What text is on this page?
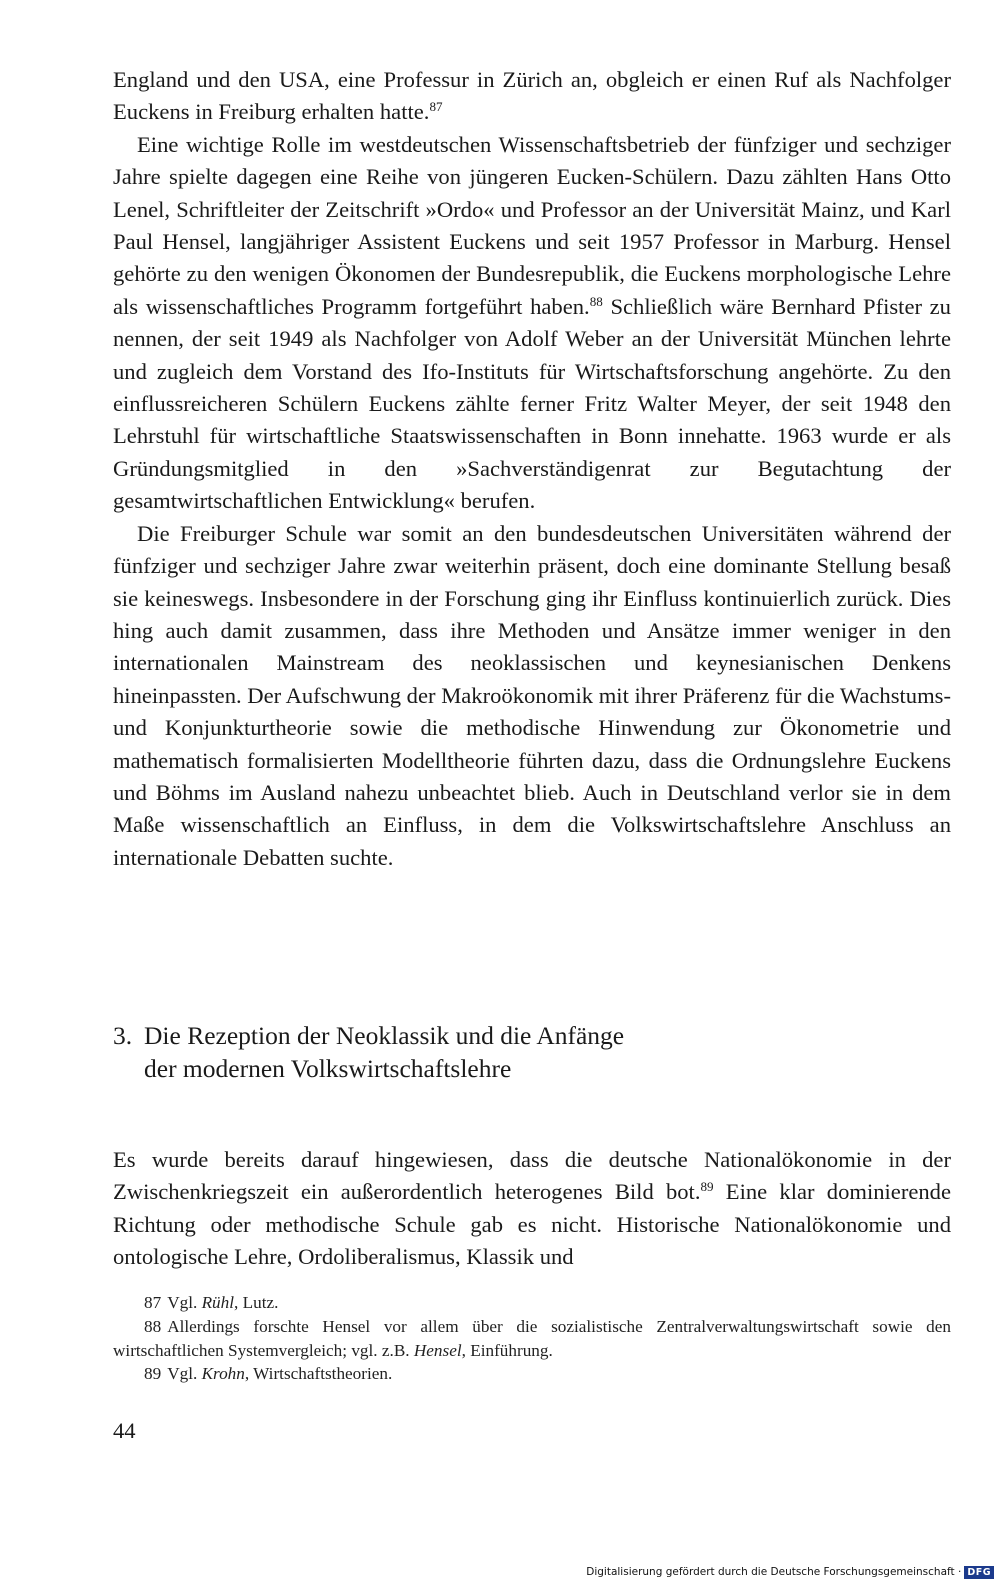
England und den USA, eine Professur in Zürich an, obgleich er einen Ruf als Nachfolger Euckens in Freiburg erhalten hatte.$^{87}$

Eine wichtige Rolle im westdeutschen Wissenschaftsbetrieb der fünfziger und sechziger Jahre spielte dagegen eine Reihe von jüngeren Eucken-Schülern. Dazu zählten Hans Otto Lenel, Schriftleiter der Zeitschrift »Ordo« und Professor an der Universität Mainz, und Karl Paul Hensel, langjähriger Assistent Euckens und seit 1957 Professor in Marburg. Hensel gehörte zu den wenigen Ökonomen der Bundesrepublik, die Euckens morphologische Lehre als wissenschaftliches Programm fortgeführt haben.$^{88}$ Schließlich wäre Bernhard Pfister zu nennen, der seit 1949 als Nachfolger von Adolf Weber an der Universität München lehrte und zugleich dem Vorstand des Ifo-Instituts für Wirtschaftsforschung angehörte. Zu den einflussreicheren Schülern Euckens zählte ferner Fritz Walter Meyer, der seit 1948 den Lehrstuhl für wirtschaftliche Staatswissenschaften in Bonn innehatte. 1963 wurde er als Gründungsmitglied in den »Sachverständigenrat zur Begutachtung der gesamtwirtschaftlichen Entwicklung« berufen.

Die Freiburger Schule war somit an den bundesdeutschen Universitäten während der fünfziger und sechziger Jahre zwar weiterhin präsent, doch eine dominante Stellung besaß sie keineswegs. Insbesondere in der Forschung ging ihr Einfluss kontinuierlich zurück. Dies hing auch damit zusammen, dass ihre Methoden und Ansätze immer weniger in den internationalen Mainstream des neoklassischen und keynesianischen Denkens hineinpassten. Der Aufschwung der Makroökonomik mit ihrer Präferenz für die Wachstums- und Konjunkturtheorie sowie die methodische Hinwendung zur Ökonometrie und mathematisch formalisierten Modelltheorie führten dazu, dass die Ordnungslehre Euckens und Böhms im Ausland nahezu unbeachtet blieb. Auch in Deutschland verlor sie in dem Maße wissenschaftlich an Einfluss, in dem die Volkswirtschaftslehre Anschluss an internationale Debatten suchte.

3. Die Rezeption der Neoklassik und die Anfänge
der modernen Volkswirtschaftslehre

Es wurde bereits darauf hingewiesen, dass die deutsche Nationalökonomie in der Zwischenkriegszeit ein außerordentlich heterogenes Bild bot.$^{89}$ Eine klar dominierende Richtung oder methodische Schule gab es nicht. Historische Nationalökonomie und ontologische Lehre, Ordoliberalismus, Klassik und

87 Vgl. Rühl, Lutz.

88 Allerdings forschte Hensel vor allem über die sozialistische Zentralverwaltungswirtschaft sowie den wirtschaftlichen Systemvergleich; vgl. z.B. Hensel, Einführung.

89 Vgl. Krohn, Wirtschaftstheorien.

44
Digitalisierung gefördert durch die Deutsche Forschungsgemeinschaft · DFG
